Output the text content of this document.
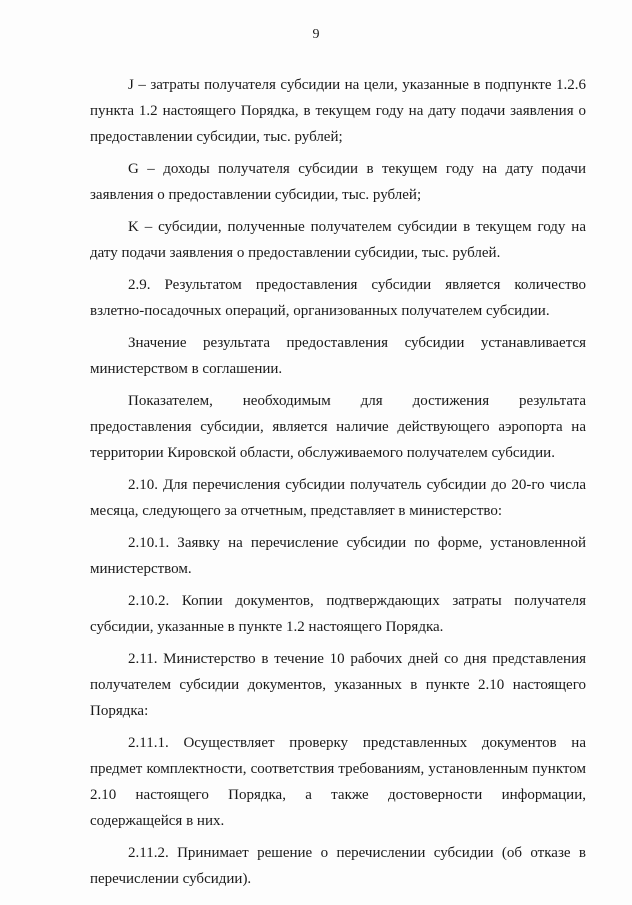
9

J – затраты получателя субсидии на цели, указанные в подпункте 1.2.6 пункта 1.2 настоящего Порядка, в текущем году на дату подачи заявления о предоставлении субсидии, тыс. рублей;

G – доходы получателя субсидии в текущем году на дату подачи заявления о предоставлении субсидии, тыс. рублей;

K – субсидии, полученные получателем субсидии в текущем году на дату подачи заявления о предоставлении субсидии, тыс. рублей.

2.9. Результатом предоставления субсидии является количество взлетно-посадочных операций, организованных получателем субсидии.

Значение результата предоставления субсидии устанавливается министерством в соглашении.

Показателем, необходимым для достижения результата предоставления субсидии, является наличие действующего аэропорта на территории Кировской области, обслуживаемого получателем субсидии.

2.10. Для перечисления субсидии получатель субсидии до 20-го числа месяца, следующего за отчетным, представляет в министерство:

2.10.1. Заявку на перечисление субсидии по форме, установленной министерством.

2.10.2. Копии документов, подтверждающих затраты получателя субсидии, указанные в пункте 1.2 настоящего Порядка.

2.11. Министерство в течение 10 рабочих дней со дня представления получателем субсидии документов, указанных в пункте 2.10 настоящего Порядка:

2.11.1. Осуществляет проверку представленных документов на предмет комплектности, соответствия требованиям, установленным пунктом 2.10 настоящего Порядка, а также достоверности информации, содержащейся в них.

2.11.2. Принимает решение о перечислении субсидии (об отказе в перечислении субсидии).
